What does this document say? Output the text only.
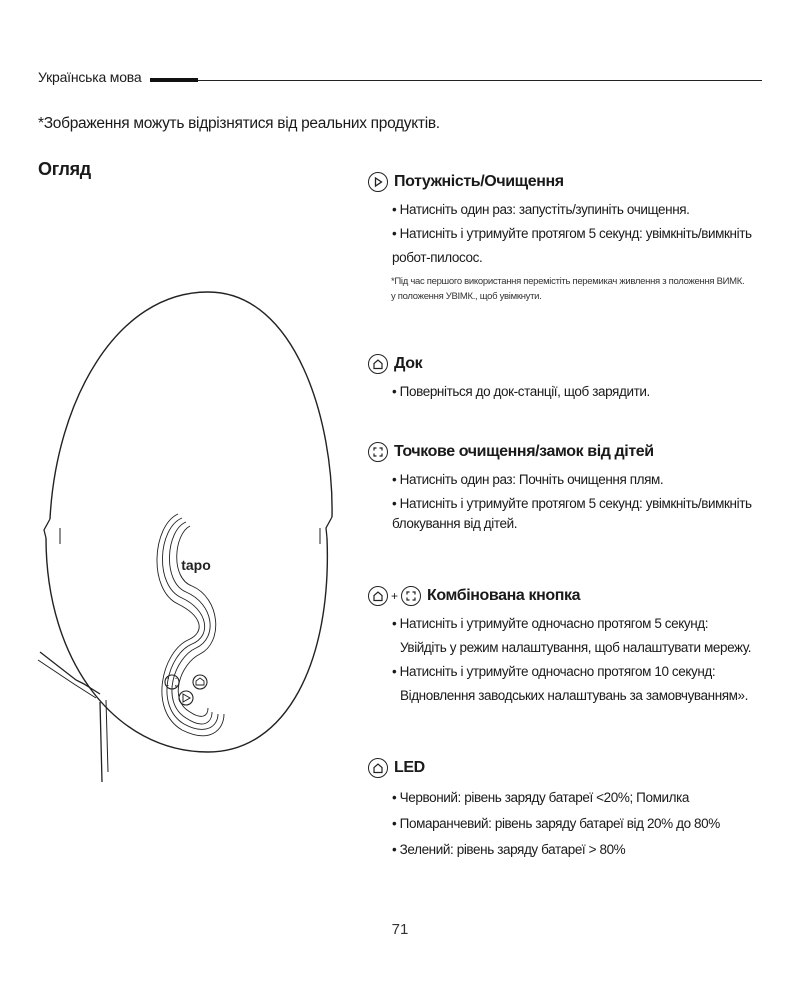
Українська мова
*Зображення можуть відрізнятися від реальних продуктів.
Огляд
tapo
Потужність/Очищення
• Натисніть один раз: запустіть/зупиніть очищення.
• Натисніть і утримуйте протягом 5 секунд: увімкніть/вимкніть
робот-пилосос.
*Під час першого використання перемістіть перемикач живлення з положення ВИМК.
у положення УВІМК., щоб увімкнути.
Док
• Поверніться до док-станції, щоб зарядити.
Точкове очищення/замок від дітей
• Натисніть один раз: Почніть очищення плям.
• Натисніть і утримуйте протягом 5 секунд: увімкніть/вимкніть
блокування від дітей.
+ Комбінована кнопка
• Натисніть і утримуйте одночасно протягом 5 секунд:
Увійдіть у режим налаштування, щоб налаштувати мережу.
• Натисніть і утримуйте одночасно протягом 10 секунд:
Відновлення заводських налаштувань за замовчуванням».
LED
• Червоний: рівень заряду батареї <20%; Помилка
• Помаранчевий: рівень заряду батареї від 20% до 80%
• Зелений: рівень заряду батареї > 80%
71
